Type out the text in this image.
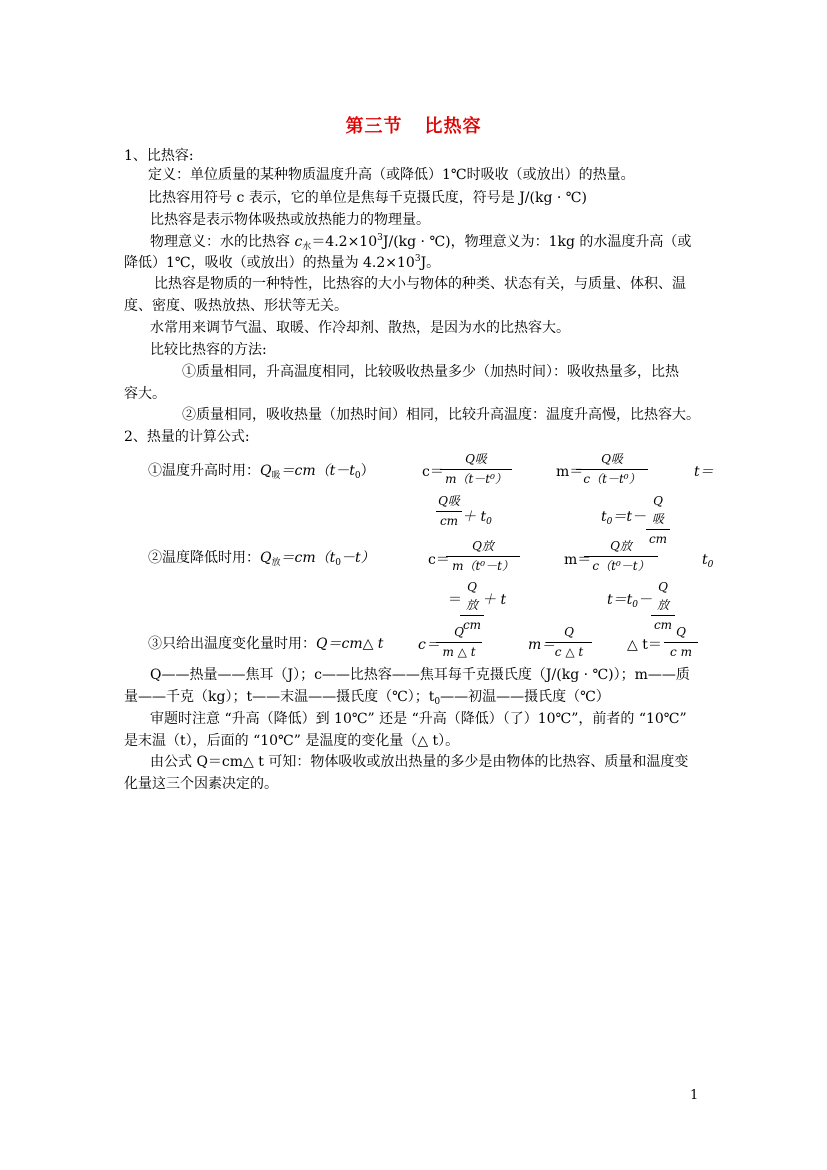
第三节 比热容
1、比热容:
定义：单位质量的某种物质温度升高（或降低）1℃时吸收（或放出）的热量。
比热容用符号 c 表示，它的单位是焦每千克摄氏度，符号是 J/(kg · ℃)
比热容是表示物体吸热或放热能力的物理量。
物理意义：水的比热容 $c_水=4.2\times 10^3J/(kg$ · ℃)，物理意义为：1kg 的水温度升高（或
降低）1℃，吸收（或放出）的热量为 $4.2\times 10^3J$。
比热容是物质的一种特性，比热容的大小与物体的种类、状态有关，与质量、体积、温
度、密度、吸热放热、形状等无关。
水常用来调节气温、取暖、作冷却剂、散热，是因为水的比热容大。
比较比热容的方法:
①质量相同，升高温度相同，比较吸收热量多少（加热时间）：吸收热量多，比热
容大。
②质量相同，吸收热量（加热时间）相同，比较升高温度：温度升高慢，比热容大。
2、热量的计算公式:
①温度升高时用：$Q_吸=cm(t-t_0)$	c＝
Q吸
m（t－t⁰）	m＝
Q吸
c（t－t⁰）	t＝
Q吸
cm ＋ $t_0$	$t_0=t-$
Q吸
cm
②温度降低时用：$Q_放=cm(t_0-t)$	c＝
Q放
m（t⁰－t）	m＝
Q放
c（t⁰－t）	$t_0$
＝
Q放
cm
＋ t	$t=t_0-$
Q放
cm
③只给出温度变化量时用：Q＝cm△ t c＝
$\frac{Q}{m \triangle t}$	m＝
$\frac{Q}{c \triangle t}$	△ $t= \frac{Q}{\text{c m}}$
Q——热量——焦耳（J）；c——比热容——焦耳每千克摄氏度（J/(kg · ℃)）；m——质
量——千克（kg）；t——末温——摄氏度（℃）；$t_0——$初温——摄氏度（℃）
审题时注意 “升高（降低）到 10℃” 还是 “升高（降低）（了）10℃”，前者的 “10℃”
是末温（t），后面的 “10℃” 是温度的变化量（△ t）。
由公式 Q＝cm△ t 可知：物体吸收或放出热量的多少是由物体的比热容、质量和温度变
化量这三个因素决定的。
1
